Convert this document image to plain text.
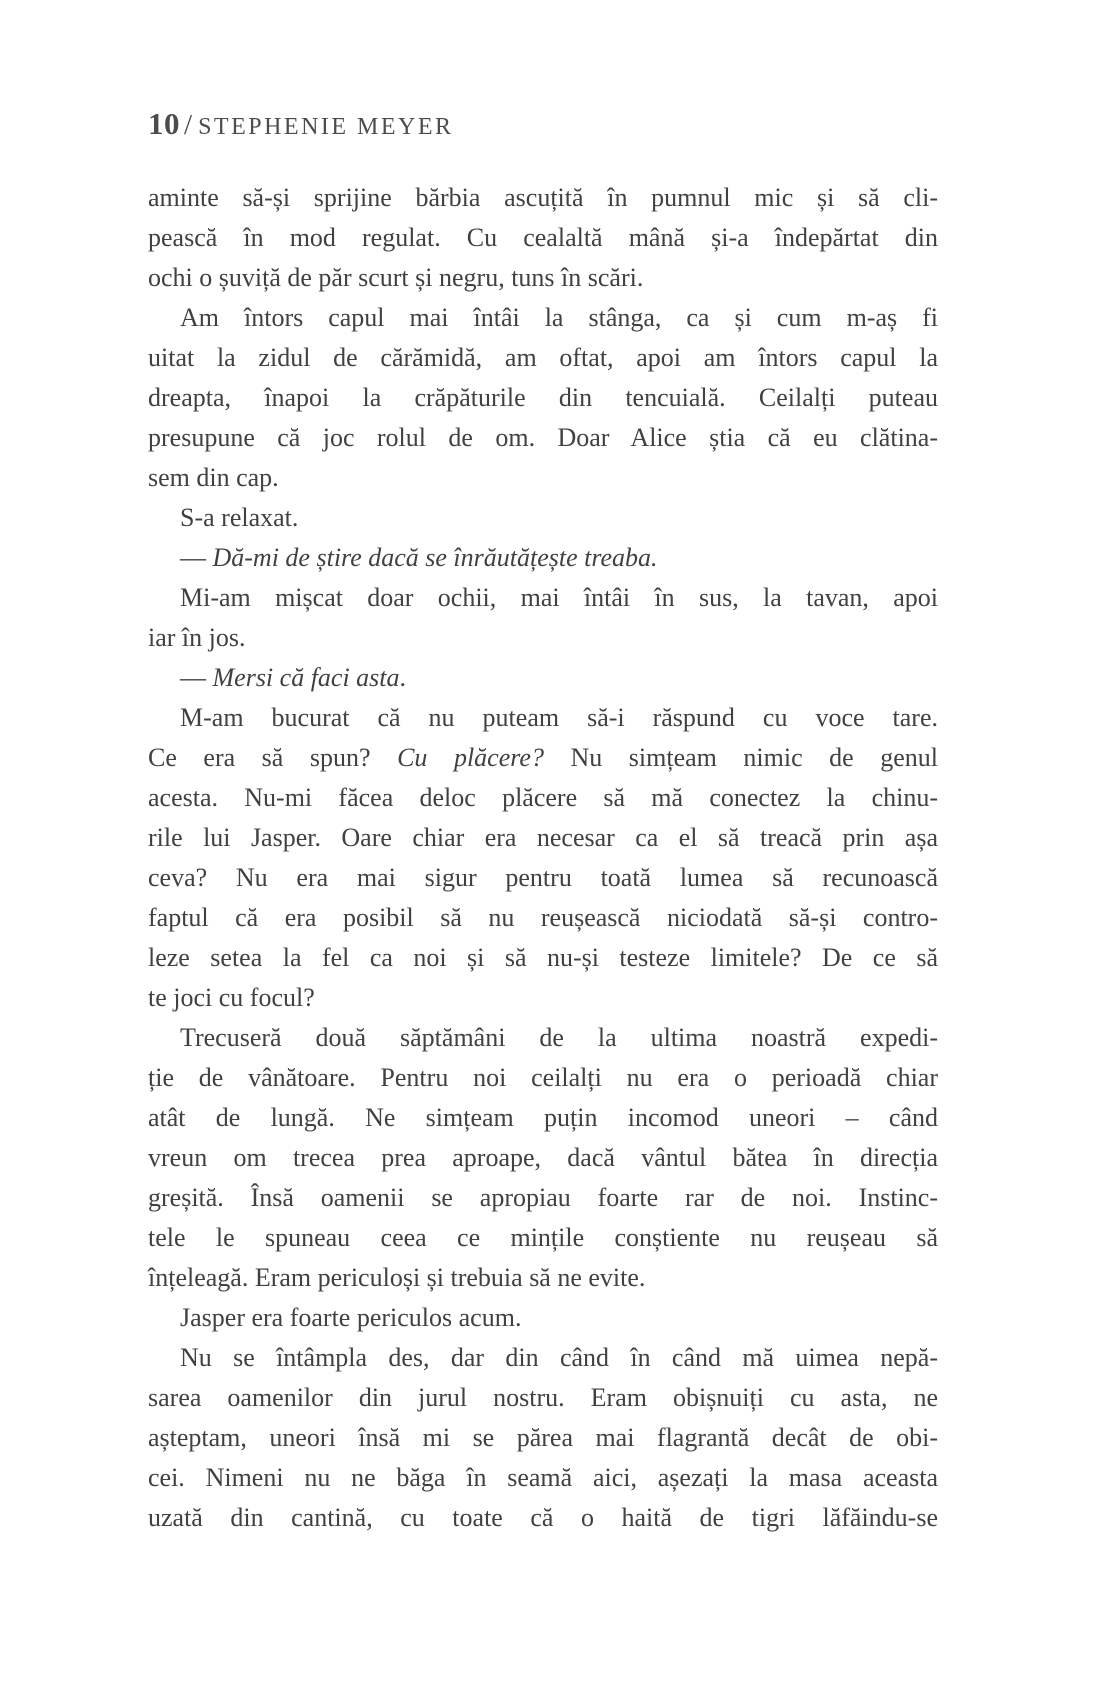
10 / STEPHENIE MEYER
aminte să-și sprijine bărbia ascuțită în pumnul mic și să cli-
pească în mod regulat. Cu cealaltă mână și-a îndepărtat din
ochi o șuviță de păr scurt și negru, tuns în scări.
Am întors capul mai întâi la stânga, ca și cum m-aș fi
uitat la zidul de cărămidă, am oftat, apoi am întors capul la
dreapta, înapoi la crăpăturile din tencuială. Ceilalți puteau
presupune că joc rolul de om. Doar Alice știa că eu clătina-
sem din cap.
S-a relaxat.
— Dă-mi de știre dacă se înrăutățește treaba.
Mi-am mișcat doar ochii, mai întâi în sus, la tavan, apoi
iar în jos.
— Mersi că faci asta.
M-am bucurat că nu puteam să-i răspund cu voce tare.
Ce era să spun? Cu plăcere? Nu simțeam nimic de genul
acesta. Nu-mi făcea deloc plăcere să mă conectez la chinu-
rile lui Jasper. Oare chiar era necesar ca el să treacă prin așa
ceva? Nu era mai sigur pentru toată lumea să recunoască
faptul că era posibil să nu reușească niciodată să-și contro-
leze setea la fel ca noi și să nu-și testeze limitele? De ce să
te joci cu focul?
Trecuseră două săptămâni de la ultima noastră expedi-
ție de vânătoare. Pentru noi ceilalți nu era o perioadă chiar
atât de lungă. Ne simțeam puțin incomod uneori – când
vreun om trecea prea aproape, dacă vântul bătea în direcția
greșită. Însă oamenii se apropiau foarte rar de noi. Instinc-
tele le spuneau ceea ce mințile conștiente nu reușeau să
înțeleagă. Eram periculoși și trebuia să ne evite.
Jasper era foarte periculos acum.
Nu se întâmpla des, dar din când în când mă uimea nepă-
sarea oamenilor din jurul nostru. Eram obișnuiți cu asta, ne
așteptam, uneori însă mi se părea mai flagrantă decât de obi-
cei. Nimeni nu ne băga în seamă aici, așezați la masa aceasta
uzată din cantină, cu toate că o haită de tigri lăfăindu-se
